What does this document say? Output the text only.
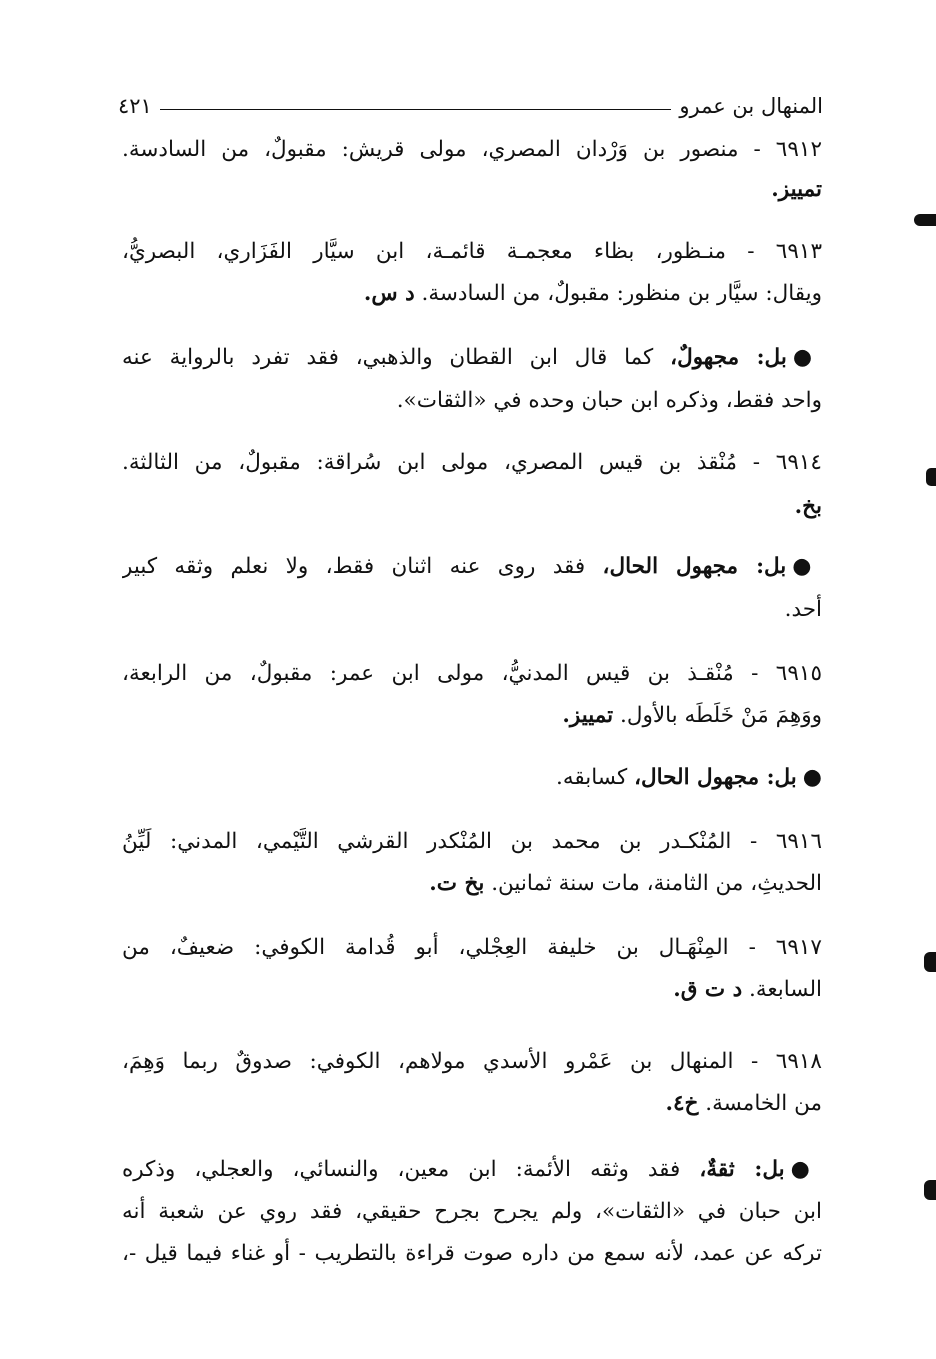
المنهال بن عمرو
٤٢١
٦٩١٢ - منصور بن وَرْدان المصري، مولى قريش: مقبولٌ، من السادسة.
تمييز.
٦٩١٣ - منـظور، بظاء معجمـة قائمـة، ابن سيَّار الفَزَاري، البصريُّ،
ويقال: سيَّار بن منظور: مقبولٌ، من السادسة. د س.
●بل: مجهولٌ، كما قال ابن القطان والذهبي، فقد تفرد بالرواية عنه
واحد فقط، وذكره ابن حبان وحده في «الثقات».
٦٩١٤ - مُنْقذ بن قيس المصري، مولى ابن سُراقة: مقبولٌ، من الثالثة.
بخ.
●بل: مجهول الحال، فقد روى عنه اثنان فقط، ولا نعلم وثقه كبير
أحد.
٦٩١٥ - مُنْقـذ بن قيس المدنيُّ، مولى ابن عمر: مقبولٌ، من الرابعة،
ووَهِمَ مَنْ خَلَطَه بالأول. تمييز.
●بل: مجهول الحال، كسابقه.
٦٩١٦ - المُنْكـدر بن محمد بن المُنْكدر القرشي التَّيْمي، المدني: لَيِّنُ
الحديثِ، من الثامنة، مات سنة ثمانين. بخ ت.
٦٩١٧ - المِنْهَـال بن خليفة العِجْلي، أبو قُدامة الكوفي: ضعيفٌ، من
السابعة. د ت ق.
٦٩١٨ - المنهال بن عَمْرو الأسدي مولاهم، الكوفي: صدوقٌ ربما وَهِمَ،
من الخامسة. خ٤.
●بل: ثقةٌ، فقد وثقه الأئمة: ابن معين، والنسائي، والعجلي، وذكره
ابن حبان في «الثقات»، ولم يجرح بجرح حقيقي، فقد روي عن شعبة أنه
تركه عن عمد، لأنه سمع من داره صوت قراءة بالتطريب - أو غناء فيما قيل -،
